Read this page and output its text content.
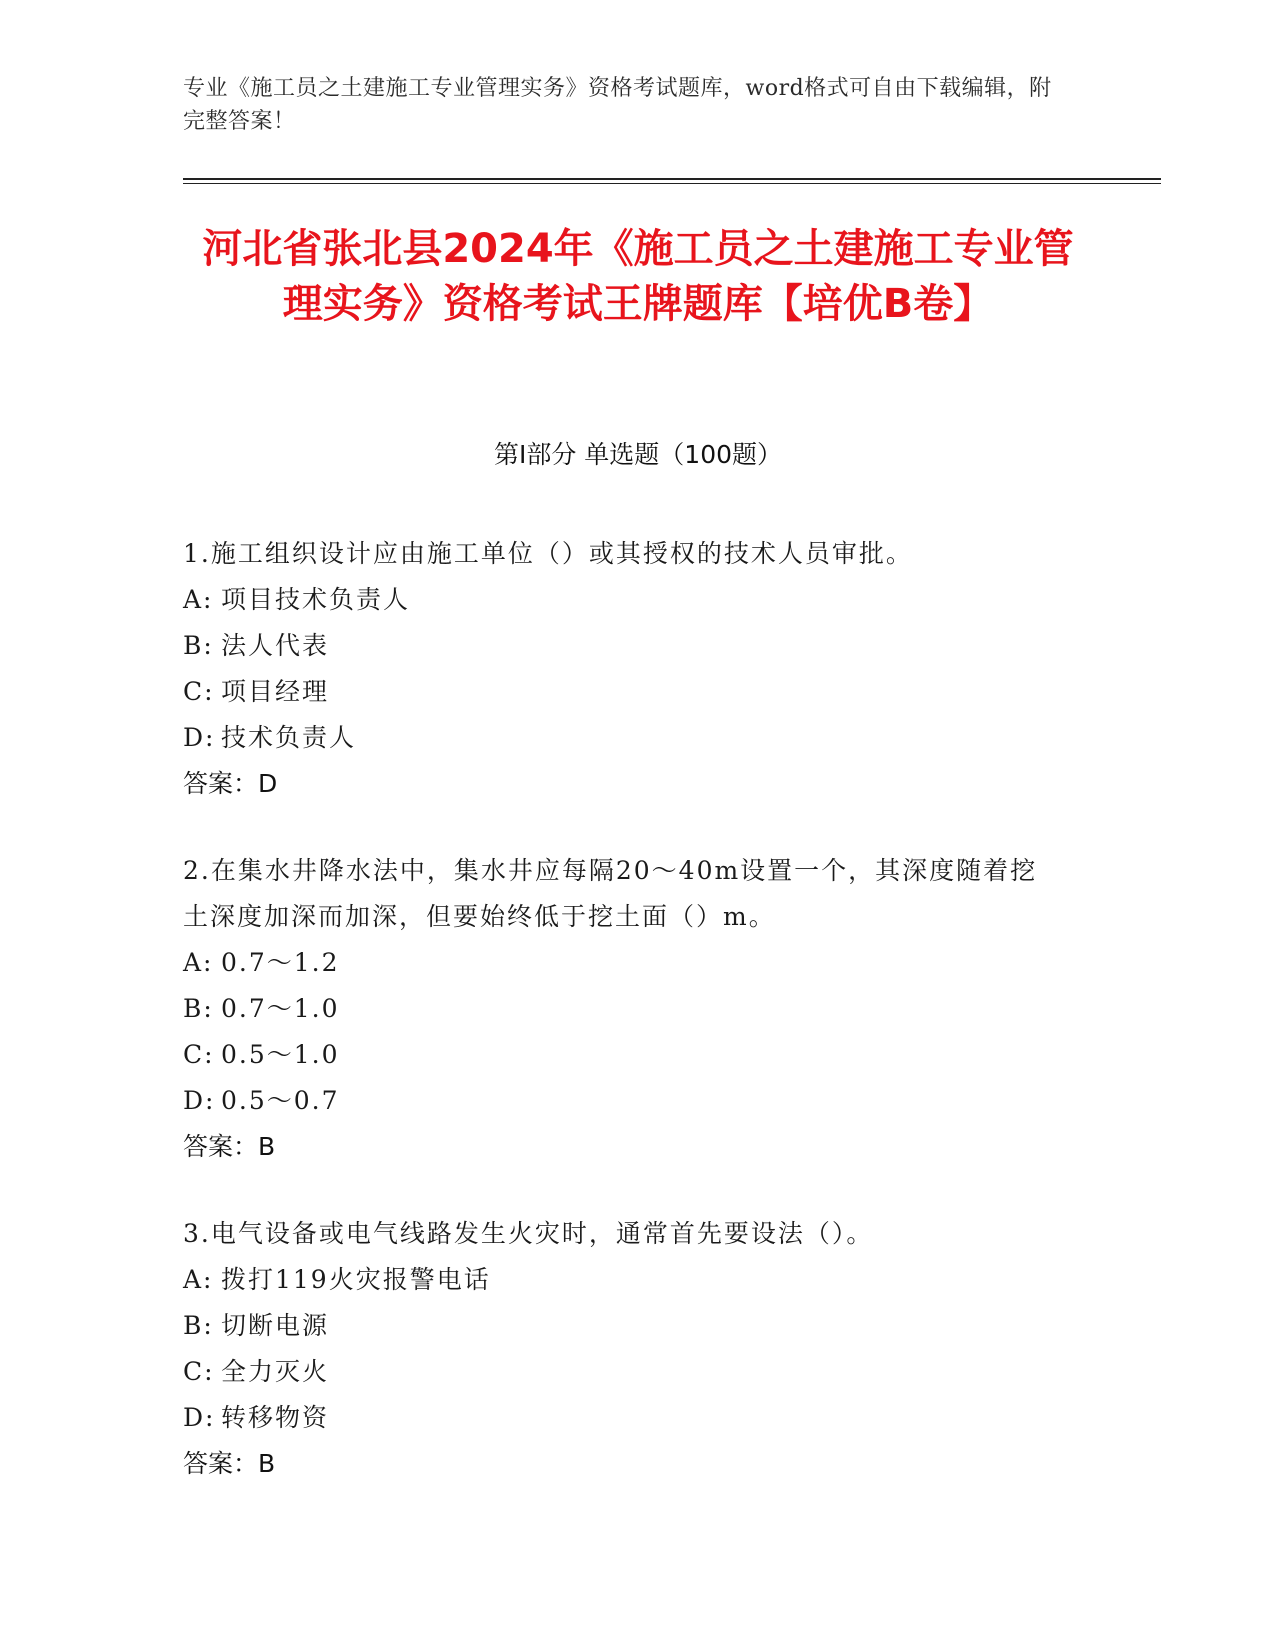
专业《施工员之土建施工专业管理实务》资格考试题库，word格式可自由下载编辑，附完整答案！
河北省张北县2024年《施工员之土建施工专业管理实务》资格考试王牌题库【培优B卷】
第I部分 单选题（100题）
1.施工组织设计应由施工单位（）或其授权的技术人员审批。
A: 项目技术负责人
B: 法人代表
C: 项目经理
D: 技术负责人
答案：D
2.在集水井降水法中，集水井应每隔20～40m设置一个，其深度随着挖土深度加深而加深，但要始终低于挖土面（）m。
A: 0.7～1.2
B: 0.7～1.0
C: 0.5～1.0
D: 0.5～0.7
答案：B
3.电气设备或电气线路发生火灾时，通常首先要设法（）。
A: 拨打119火灾报警电话
B: 切断电源
C: 全力灭火
D: 转移物资
答案：B
